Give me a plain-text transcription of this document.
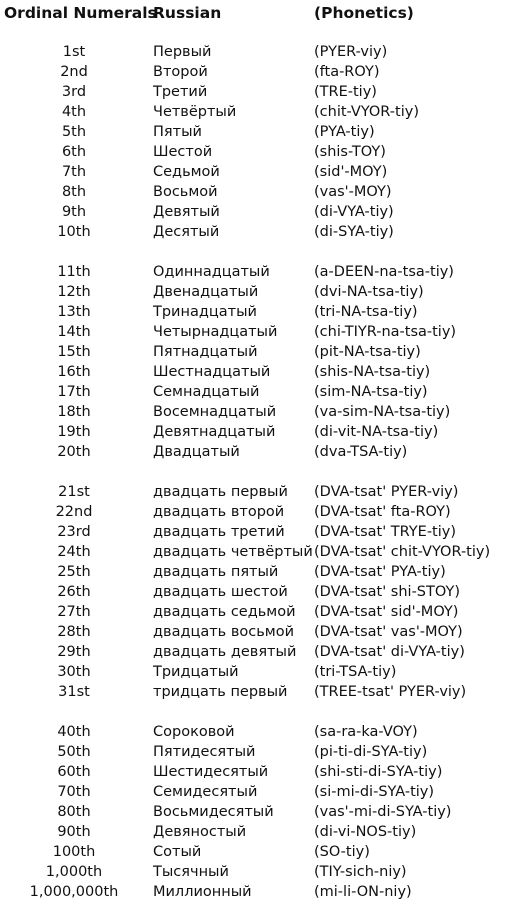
Ordinal Numerals
Russian	(Phonetics)
1st	Первый	(PYER-viy)
2nd	Второй	(fta-ROY)
3rd	Третий	(TRE-tiy)
4th	Четвёртый	(chit-VYOR-tiy)
5th	Пятый	(PYA-tiy)
6th	Шестой	(shis-TOY)
7th	Седьмой	(sid'-MOY)
8th	Восьмой	(vas'-MOY)
9th	Девятый	(di-VYA-tiy)
10th	Десятый	(di-SYA-tiy)
11th	Одиннадцатый	(a-DEEN-na-tsa-tiy)
12th	Двенадцатый	(dvi-NA-tsa-tiy)
13th	Тринадцатый	(tri-NA-tsa-tiy)
14th	Четырнадцатый	(chi-TIYR-na-tsa-tiy)
15th	Пятнадцатый	(pit-NA-tsa-tiy)
16th	Шестнадцатый	(shis-NA-tsa-tiy)
17th	Семнадцатый	(sim-NA-tsa-tiy)
18th	Восемнадцатый	(va-sim-NA-tsa-tiy)
19th	Девятнадцатый	(di-vit-NA-tsa-tiy)
20th	Двадцатый	(dva-TSA-tiy)
21st	двадцать первый (DVA-tsat' PYER-viy)
22nd	двадцать второй (DVA-tsat' fta-ROY)
23rd	двадцать третий (DVA-tsat' TRYE-tiy)
24th	двадцать четвёртый (DVA-tsat' chit-VYOR-tiy)
25th	двадцать пятый (DVA-tsat' PYA-tiy)
26th	двадцать шестой (DVA-tsat' shi-STOY)
27th	двадцать седьмой (DVA-tsat' sid'-MOY)
28th	двадцать восьмой (DVA-tsat' vas'-MOY)
29th	двадцать девятый (DVA-tsat' di-VYA-tiy)
30th	Тридцатый	(tri-TSA-tiy)
31st	тридцать первый (TREE-tsat' PYER-viy)
40th	Сороковой	(sa-ra-ka-VOY)
50th	Пятидесятый	(pi-ti-di-SYA-tiy)
60th	Шестидесятый	(shi-sti-di-SYA-tiy)
70th	Семидесятый	(si-mi-di-SYA-tiy)
80th	Восьмидесятый	(vas'-mi-di-SYA-tiy)
90th	Девяностый	(di-vi-NOS-tiy)
100th	Сотый	(SO-tiy)
1,000th	Тысячный	(TIY-sich-niy)
1,000,000th	Миллионный	(mi-li-ON-niy)
